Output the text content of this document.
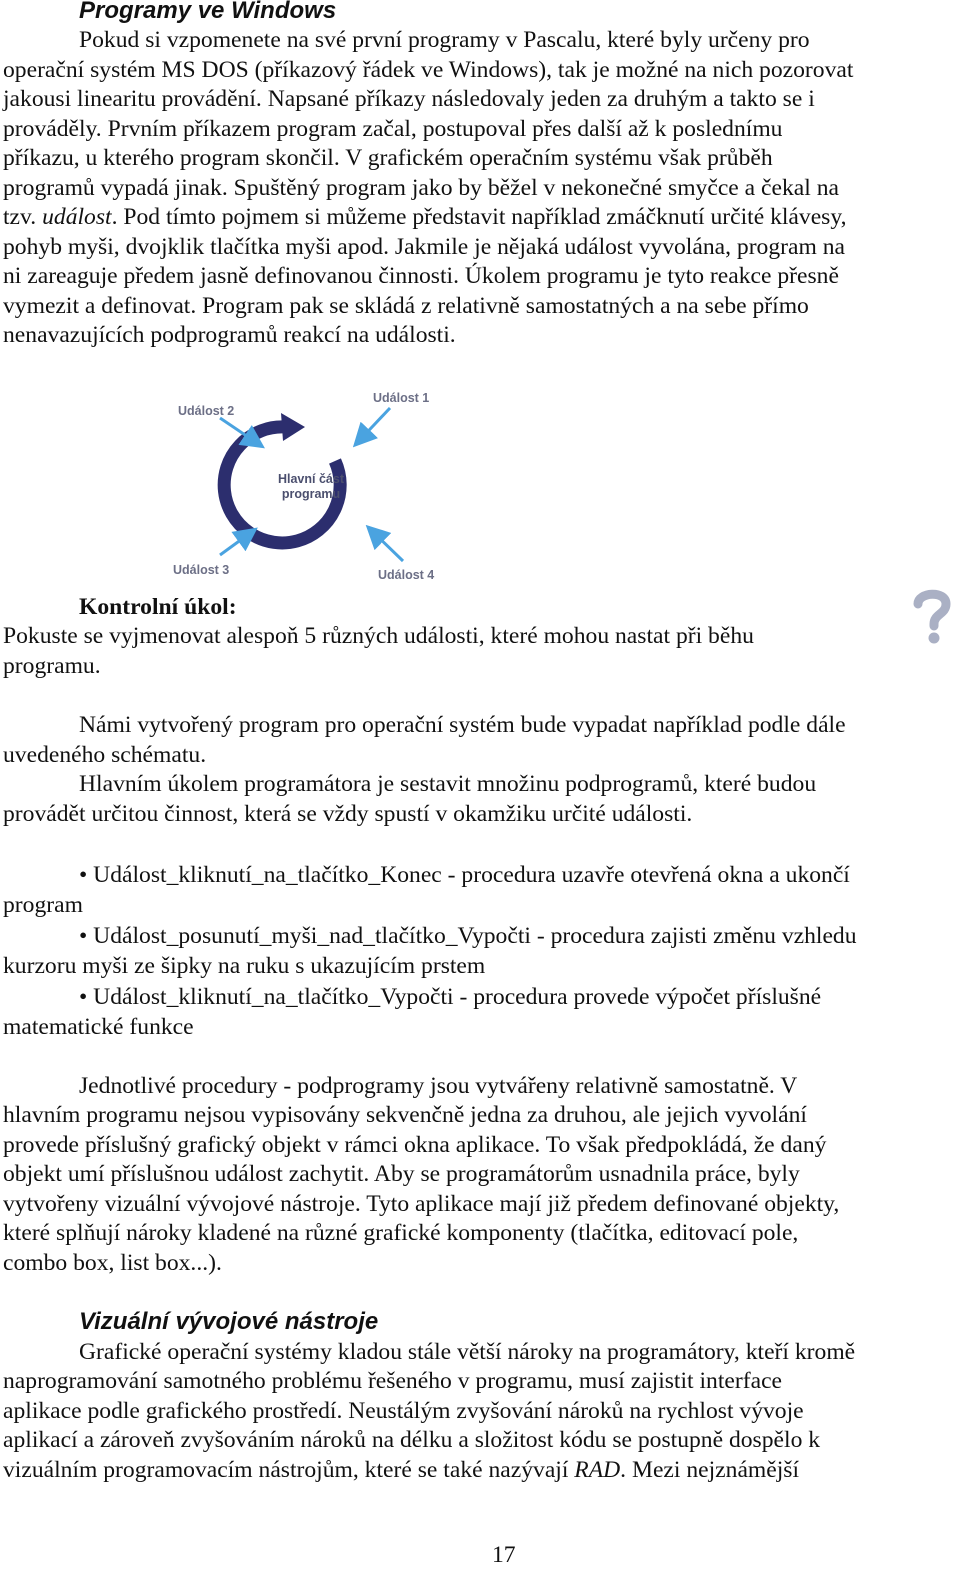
Programy ve Windows
Pokud si vzpomenete na své první programy v Pascalu, které byly určeny pro
operační systém MS DOS (příkazový řádek ve Windows), tak je možné na nich pozorovat
jakousi linearitu provádění. Napsané příkazy následovaly jeden za druhým a takto se i
prováděly. Prvním příkazem program začal, postupoval přes další až k poslednímu
příkazu, u kterého program skončil. V grafickém operačním systému však průběh
programů vypadá jinak. Spuštěný program jako by běžel v nekonečné smyčce a čekal na
tzv. událost. Pod tímto pojmem si můžeme představit například zmáčknutí určité klávesy,
pohyb myši, dvojklik tlačítka myši apod. Jakmile je nějaká událost vyvolána, program na
ni zareaguje předem jasně definovanou činnosti. Úkolem programu je tyto reakce přesně
vymezit a definovat. Program pak se skládá z relativně samostatných a na sebe přímo
nenavazujících podprogramů reakcí na události.
Událost 1
Událost 2
Událost 3	Událost 4
Hlavní část
programu
Kontrolní úkol:
Pokuste se vyjmenovat alespoň 5 různých události, které mohou nastat při běhu
programu.
Námi vytvořený program pro operační systém bude vypadat například podle dále
uvedeného schématu.
Hlavním úkolem programátora je sestavit množinu podprogramů, které budou
provádět určitou činnost, která se vždy spustí v okamžiku určité události.
• Událost_kliknutí_na_tlačítko_Konec - procedura uzavře otevřená okna a ukončí
program
• Událost_posunutí_myši_nad_tlačítko_Vypočti - procedura zajisti změnu vzhledu
kurzoru myši ze šipky na ruku s ukazujícím prstem
• Událost_kliknutí_na_tlačítko_Vypočti - procedura provede výpočet příslušné
matematické funkce
Jednotlivé procedury - podprogramy jsou vytvářeny relativně samostatně. V
hlavním programu nejsou vypisovány sekvenčně jedna za druhou, ale jejich vyvolání
provede příslušný grafický objekt v rámci okna aplikace. To však předpokládá, že daný
objekt umí příslušnou událost zachytit. Aby se programátorům usnadnila práce, byly
vytvořeny vizuální vývojové nástroje. Tyto aplikace mají již předem definované objekty,
které splňují nároky kladené na různé grafické komponenty (tlačítka, editovací pole,
combo box, list box...).
Vizuální vývojové nástroje
Grafické operační systémy kladou stále větší nároky na programátory, kteří kromě
naprogramování samotného problému řešeného v programu, musí zajistit interface
aplikace podle grafického prostředí. Neustálým zvyšování nároků na rychlost vývoje
aplikací a zároveň zvyšováním nároků na délku a složitost kódu se postupně dospělo k
vizuálním programovacím nástrojům, které se také nazývají RAD. Mezi nejznámější
17
